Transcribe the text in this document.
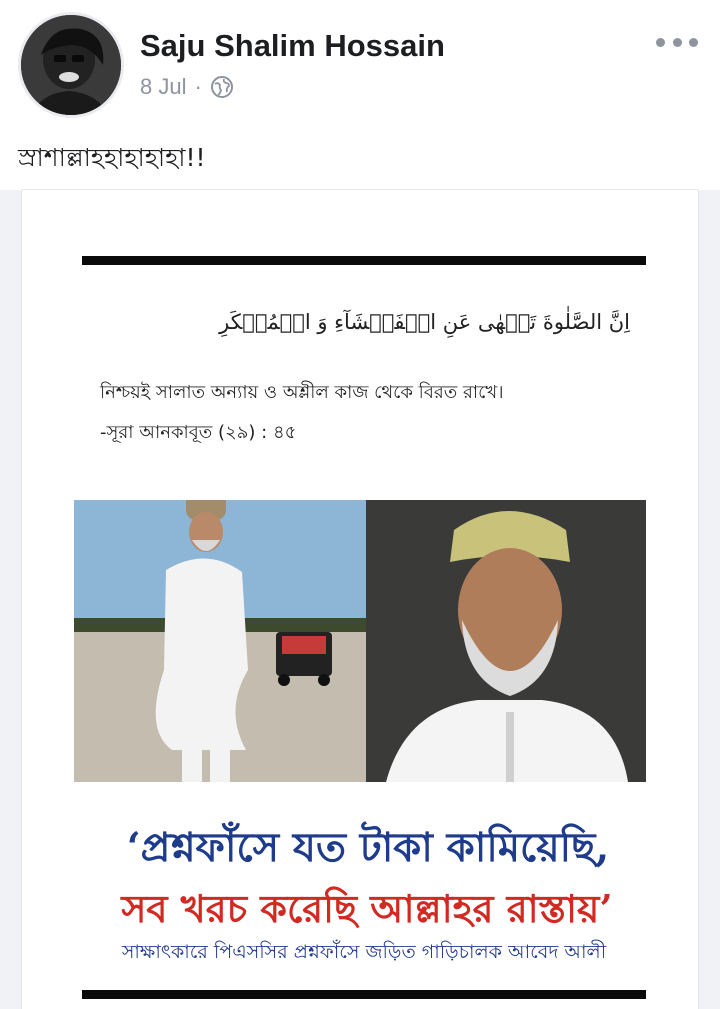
Saju Shalim Hossain
8 Jul ·
স্রাশাল্লাহহাহাহাহা!!
اِنَّ الصَّلٰوةَ تَنۡهٰی عَنِ الۡفَحۡشَآءِ وَ الۡمُنۡکَرِ
নিশ্চয়ই সালাত অন্যায় ও অশ্লীল কাজ থেকে বিরত রাখে।
-সূরা আনকাবূত (২৯) : ৪৫
‘প্রশ্নফাঁসে যত টাকা কামিয়েছি,
সব খরচ করেছি আল্লাহর রাস্তায়’
সাক্ষাৎকারে পিএসসির প্রশ্নফাঁসে জড়িত গাড়িচালক আবেদ আলী
